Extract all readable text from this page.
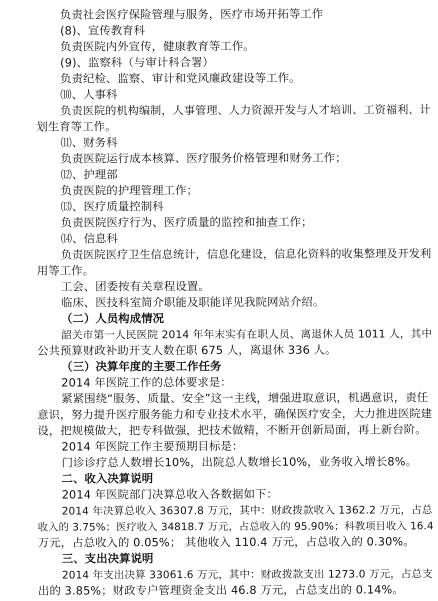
负责社会医疗保险管理与服务，医疗市场开拓等工作
(8)、宣传教育科
负责医院内外宣传，健康教育等工作。
(9)、监察科（与审计科合署）
负责纪检、监察、审计和党风廉政建设等工作。
⑽、人事科
负责医院的机构编制，人事管理、人力资源开发与人才培训、工资福利、计
划生育等工作。
⑾、财务科
负责医院运行成本核算、医疗服务价格管理和财务工作；
⑿、护理部
负责医院的护理管理工作；
⒀、医疗质量控制科
负责医院医疗行为、医疗质量的监控和抽查工作；
⒁、信息科
负责医院医疗卫生信息统计，信息化建设，信息化资料的收集整理及开发利
用等工作。
工会、团委按有关章程设置。
临床、医技科室简介职能及职能详见我院网站介绍。
（二）人员构成情况
韶关市第一人民医院 2014 年年末实有在职人员、离退休人员 1011 人，其中
公共预算财政补助开支人数在职 675 人，离退休 336 人。
（三）决算年度的主要工作任务
2014 年医院工作的总体要求是：
紧紧围绕“服务、质量、安全”这一主线，增强进取意识，机遇意识，责任
意识，努力提升医疗服务能力和专业技术水平，确保医疗安全，大力推进医院建
设，把规模做大，把专科做强，把技术做精，不断开创新局面，再上新台阶。
2014 年医院工作主要预期目标是：
门诊诊疗总人数增长10%，出院总人数增长10%，业务收入增长8%。
二、收入决算说明
2014 年医院部门决算总收入各数据如下：
2014 年决算总收入 36307.8 万元，其中：财政拨款收入 1362.2 万元，占总
收入的 3.75%；医疗收入 34818.7 万元，占总收入的 95.90%；科教项目收入 16.4
万元，占总收入的 0.05%； 其他收入 110.4 万元，占总收入的 0.30%。
三、支出决算说明
2014 年支出决算 33061.6 万元，其中：财政拨款支出 1273.0 万元，占总支
出的 3.85%；财政专户管理资金支出 46.8 万元，占总支出的 0.14%。
